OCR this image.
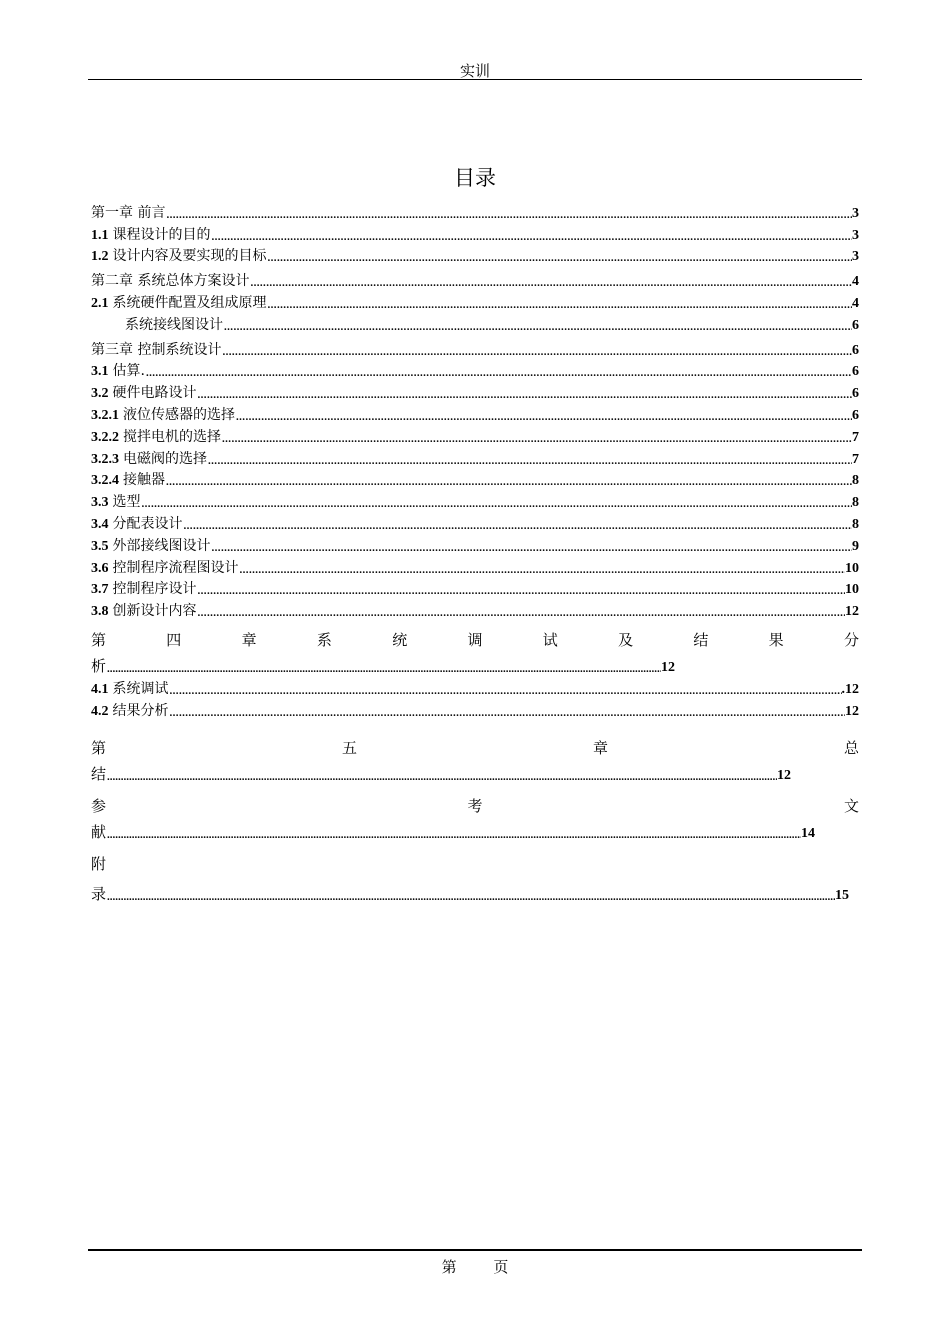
实训
目录
第一章 前言 .....	3
1.1 课程设计的目的 .....	3
1.2 设计内容及要实现的目标 .....	3
第二章 系统总体方案设计 .....	4
2.1 系统硬件配置及组成原理 .....	4
系统接线图设计 .....	6
第三章 控制系统设计 .....	6
3.1 估算. .....	6
3.2 硬件电路设计 .....	6
3.2.1 液位传感器的选择 .....	6
3.2.2 搅拌电机的选择 .....	7
3.2.3 电磁阀的选择 .....	7
3.2.4 接触器 .....	8
3.3 选型 .....	8
3.4 分配表设计 .....	8
3.5 外部接线图设计 .....	9
3.6 控制程序流程图设计 .....	10
3.7 控制程序设计 .....	10
3.8 创新设计内容 .....	12
第	四	章	系	统	调	试	及	结	果	分
析 .....	12
4.1 系统调试 .....	.12
4.2 结果分析 .....	12
第	五	章	总
结 .....	12
参	考	文
献 .....	14
附
录 .....	15
第 页
